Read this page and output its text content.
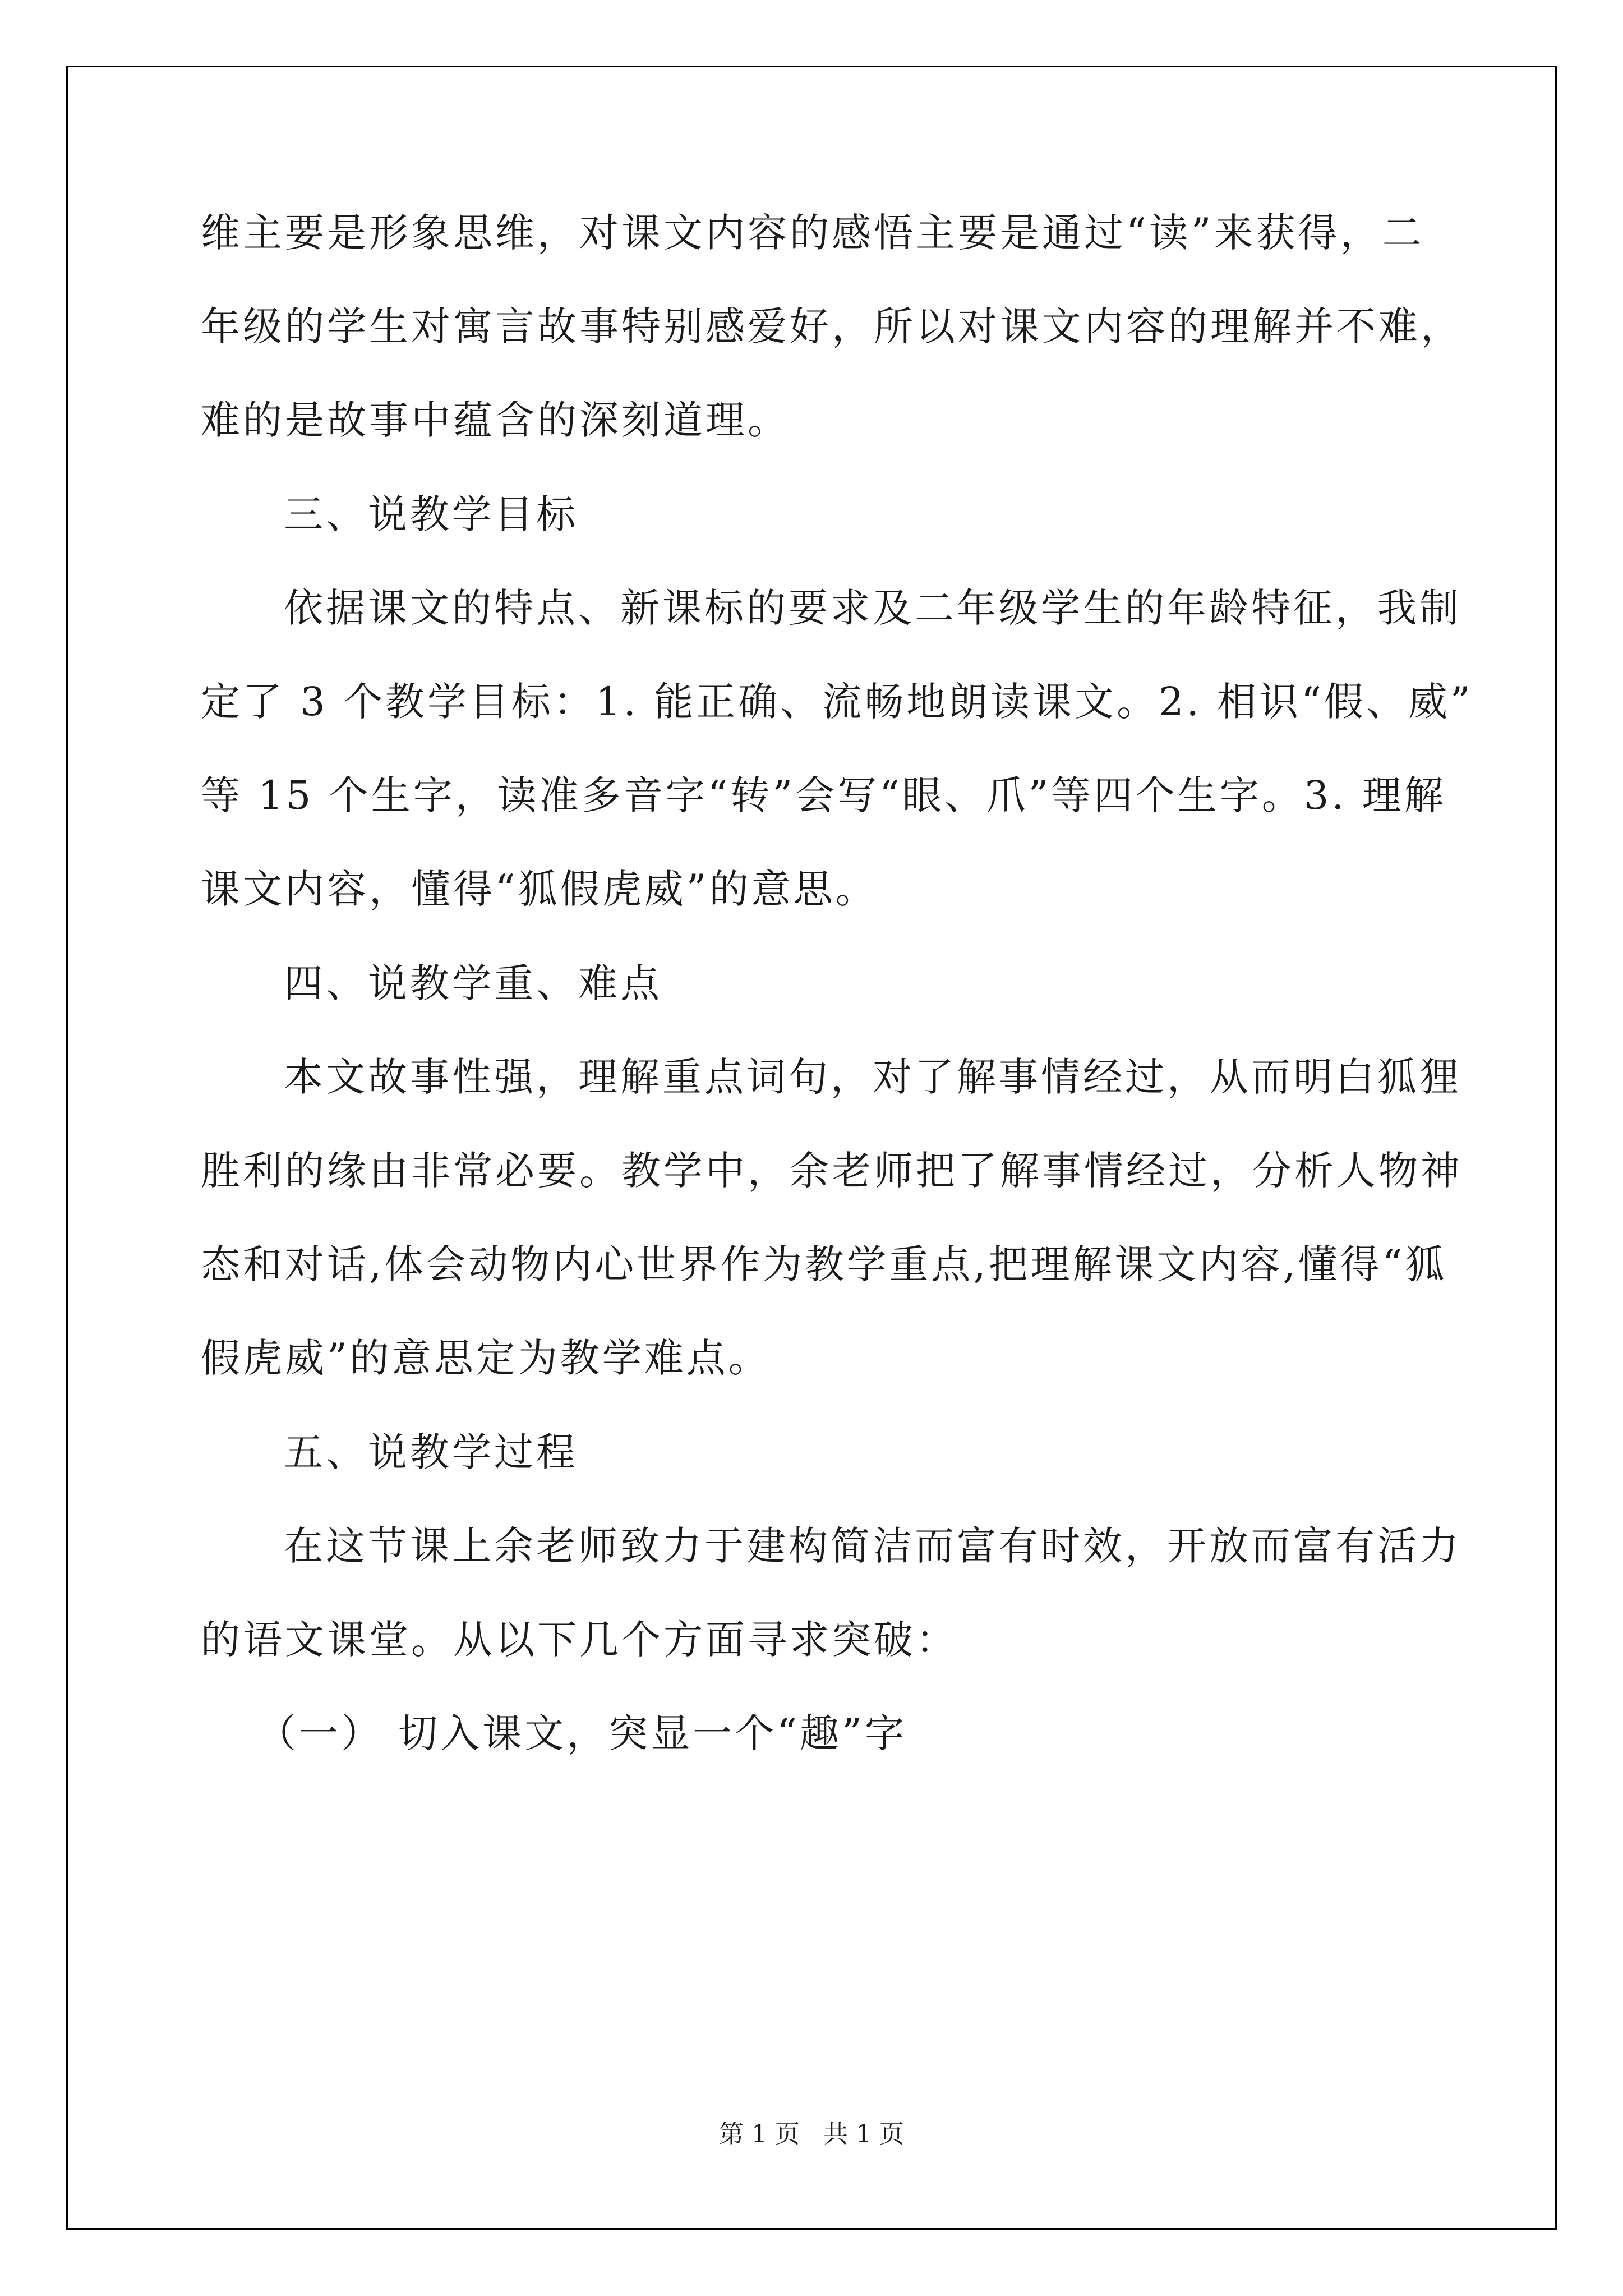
维主要是形象思维，对课文内容的感悟主要是通过“读”来获得，二
年级的学生对寓言故事特别感爱好，所以对课文内容的理解并不难，
难的是故事中蕴含的深刻道理。
三、说教学目标
依据课文的特点、新课标的要求及二年级学生的年龄特征，我制
定了 3 个教学目标：1. 能正确、流畅地朗读课文。2. 相识“假、威”
等 15 个生字，读准多音字“转”会写“眼、爪”等四个生字。3. 理解
课文内容，懂得“狐假虎威”的意思。
四、说教学重、难点
本文故事性强，理解重点词句，对了解事情经过，从而明白狐狸
胜利的缘由非常必要。教学中，余老师把了解事情经过，分析人物神
态和对话,体会动物内心世界作为教学重点,把理解课文内容,懂得“狐
假虎威”的意思定为教学难点。
五、说教学过程
在这节课上余老师致力于建构简洁而富有时效，开放而富有活力
的语文课堂。从以下几个方面寻求突破：
（一） 切入课文，突显一个“趣”字
第 1 页   共 1 页
